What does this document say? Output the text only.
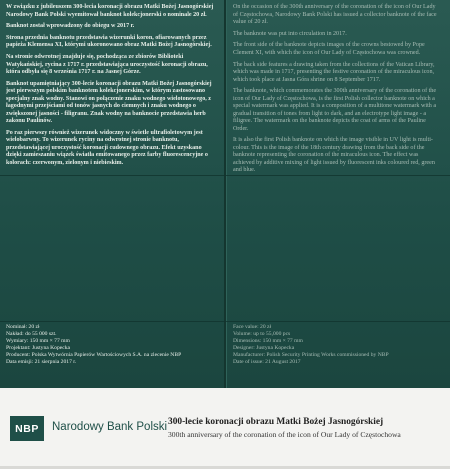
W związku z jubileuszem 300-lecia koronacji obrazu Matki Bożej Jasnogórskiej Narodowy Bank Polski wyemitował banknot kolekcjonerski o nominale 20 zł.

Banknot został wprowadzony do obiegu w 2017 r.

Strona przednia banknotu przedstawia wizerunki koron, ofiarowanych przez papieża Klemensa XI, którymi ukoronowano obraz Matki Bożej Jasnogórskiej.

Na stronie odwrotnej znajduje się, pochodząca ze zbiorów Biblioteki Watykańskiej, rycina z 1717 r. przedstawiająca uroczystość koronacji obrazu, która odbyła się 8 września 1717 r. na Jasnej Górze.

Banknot upamiętniający 300-lecie koronacji obrazu Matki Bożej Jasnogórskiej jest pierwszym polskim banknotem kolekcjonerskim, w którym zastosowano specjalny znak wodny. Stanowi on połączenie znaku wodnego wielotonowego, z łagodnymi przejściami od tonów jasnych do ciemnych i znaku wodnego o zwiększonej jasności - filigranu. Znak wodny na banknocie przedstawia herb zakonu Paulinów.

Po raz pierwszy również wizerunek widoczny w świetle ultrafioletowym jest wielobarwny. To wizerunek ryciny na odwrotnej stronie banknotu, przedstawiającej uroczystość koronacji cudownego obrazu. Efekt uzyskano dzięki zamieszaniu wiązek światła emitowanego przez farby fluorescencyjne o kolorach: czerwonym, zielonym i niebieskim.

Nominał: 20 zł
Nakład: do 55 000 szt.
Wymiary: 150 mm × 77 mm
Projektant: Justyna Kopecka
Producent: Polska Wytwórnia Papierów Wartościowych S.A. na zlecenie NBP
Data emisji: 21 sierpnia 2017 r.

On the occasion of the 300th anniversary of the coronation of the icon of Our Lady of Częstochowa, Narodowy Bank Polski has issued a collector banknote of the face value of 20 zł.

The banknote was put into circulation in 2017.

The front side of the banknote depicts images of the crowns bestowed by Pope Clement XI, with which the icon of Our Lady of Częstochowa was crowned.

The back side features a drawing taken from the collections of the Vatican Library, which was made in 1717, presenting the festive coronation of the miraculous icon, which took place at Jasna Góra shrine on 8 September 1717.

The banknote, which commemorates the 300th anniversary of the coronation of the icon of Our Lady of Częstochowa, is the first Polish collector banknote on which a special watermark was applied. It is a composition of a multitone watermark with a gradual transition of tones from light to dark, and an electrotype light image - a filigree. The watermark on the banknote depicts the coat of arms of the Pauline Order.

It is also the first Polish banknote on which the image visible in UV light is multi-colour. This is the image of the 18th century drawing from the back side of the banknote representing the coronation of the miraculous icon. The effect was achieved by additive mixing of light issued by fluorescent inks coloured red, green and blue.

Face value: 20 zł
Volume: up to 55,000 pcs
Dimensions: 150 mm × 77 mm
Designer: Justyna Kopecka
Manufacturer: Polish Security Printing Works commissioned by NBP
Date of issue: 21 August 2017
NBP Narodowy Bank Polski 300-lecie koronacji obrazu Matki Bożej Jasnogórskiej
300th anniversary of the coronation of the icon of Our Lady of Częstochowa
